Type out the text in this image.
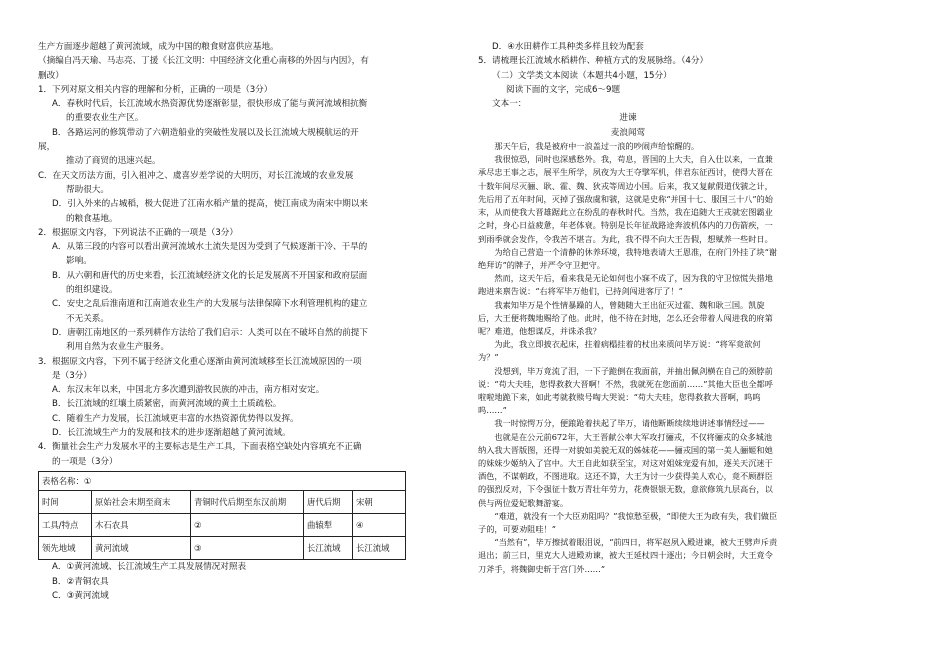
生产方面逐步超越了黄河流域，成为中国的粮食财富供应基地。

（摘编自冯天瑜、马志亮、丁援《长江文明：中国经济文化重心南移的外因与内因》，有

删改）

1．下列对原文相关内容的理解和分析，正确的一项是（3分）

A．春秋时代后，长江流域水热资源优势逐渐彰显，很快形成了能与黄河流域相抗衡

的重要农业生产区。

B．各路运河的修筑带动了六朝造船业的突破性发展以及长江流域大规模航运的开

展，

推动了商贸的迅速兴起。

C．在天文历法方面，引入祖冲之、虞喜岁差学说的大明历，对长江流域的农业发展

帮助很大。

D．引入外来的占城稻，极大促进了江南水稻产量的提高，使江南成为南宋中期以来

的粮食基地。

2．根据原文内容，下列说法不正确的一项是（3分）

A．从第三段的内容可以看出黄河流域水土流失是因为受到了气候逐渐干冷、干旱的

影响。

B．从六朝和唐代的历史来看，长江流域经济文化的长足发展离不开国家和政府层面

的组织建设。

C．安史之乱后淮南道和江南道农业生产的大发展与法律保障下水利管理机构的建立

不无关系。

D．唐朝江南地区的一系列耕作方法给了我们启示：人类可以在不破坏自然的前提下

利用自然为农业生产服务。

3．根据原文内容，下列不属于经济文化重心逐渐由黄河流域移至长江流域原因的一项

是（3分）

A．东汉末年以来，中国北方多次遭到游牧民族的冲击，南方相对安定。

B．长江流域的红壤土质紧密，而黄河流域的黄土土质疏松。

C．随着生产力发展，长江流域更丰富的水热资源优势得以发挥。

D．长江流域生产力的发展和技术的进步逐渐超越了黄河流域。

4．衡量社会生产力发展水平的主要标志是生产工具，下面表格空缺处内容填充不正确

的一项是（3分）

表格名称：①				
时间	原始社会末期至商末	青铜时代后期至东汉前期	唐代后期	宋朝
工具/特点	木石农具	②	曲辕犁	④
领先地域	黄河流域	③	长江流域	长江流域

A．①黄河流域、长江流域生产工具发展情况对照表

B．②青铜农具

C．③黄河流域

D．④水田耕作工具种类多样且较为配套

5．请梳理长江流域水稻耕作、种植方式的发展脉络。（4分）

（二）文学类文本阅读（本题共4小题，15分）

阅读下面的文字，完成6～9题

文本一：

进谏

麦浪闻莺

那天午后，我是被府中一浪盖过一浪的吵闹声给惊醒的。

我很惊恐，同时也深感愁外。我，苟息，晋国的上大夫，自入仕以来，一直兼承尽忠王事之志，展平生所学，夙夜为大王夺擘军机，伴君东征西讨，使得大晋在十数年间尽灭骊、耿、霍、魏、狄戎等周边小国。后来，我又复献假道伐虢之计，先后用了五年时间，灭掉了强敌虞和虢，这就是史称“并国十七、服国三十八”的始末，从而使我大晋雄踞此立在纷乱的春秋时代。当然，我在追随大王戎就宏图霸业之时，身心日益疲惫，年老体衰。特别是长年征战路途奔波机体内的刀伤箭疾，一到雨季就会发作，令我苦不堪言。为此，我不得不向大王告假，想赋养一些时日。

为给自己营造一个清静的休养环境，我特地表请大王恩准，在府门外挂了块“谢绝拜访”的牌子，并严令守卫把守。

然而，这天午后，看来我是无论如何也小寐不成了，因为我的守卫惊慌失措地跑进来禀告说：“右将军毕万他们，已持剑闯进客厅了！”

我素知毕万是个性情暴躁的人，曾随随大王出征灭过霍、魏和耿三国。凯旋后，大王便将魏地赐给了他。此时，他不待在封地，怎么还会带着人闯进我的府第呢？难道，他想谋反，并诛杀我？

为此，我立即披衣起床，拄着病榻挂着的杖出来质问毕万说：“将军竟欲何为？”

没想到，毕万竟流了泪，一下子跪倒在我面前，并抽出佩剑横在自己的颈脖前说：“苟大夫哇，您得救救大晋啊！不然，我就死在您面前……”其他大臣也全都呼啦啦地跪下来，如此考就救赎号啕大哭说：“苟大夫哇，您得救救大晋啊，呜呜呜……”

我一时惊愕万分，便踉跄着扶起了毕万，请他断断续续地讲述事情经过——

也就是在公元前672年，大王晋献公率大军攻打骊戎，不仅将骊戎的众多城池纳入我大晋版图，还得一对貌如美貌无双的姊妹花——骊戎国的第一美人骊姬和她的妹妹少姬纳入了宫中。大王自此如获至宝，对这对姐妹宠爱有加，逐关天沉迷于酒色，不谋朝政，不图进取。这还不算，大王为讨一少获得美人欢心，竟不顾群臣的强烈反对，下令强征十数万青壮年劳力，花费银银无数，意欲修筑九层高台，以供与两位爱妃歌舞游宴。

“难道，就没有一个大臣劝阻吗？”我惊愁至极，“即使大王为政有失，我们做臣子的，可要劝阻哇！”

“当然有”，毕万擦拭着眼泪说，“前四日，将军赵夙入殿进谏，被大王劈声斥责退出；前三日，里克大人进殿劝谏，被大王延杖四十逐出；今日朝会时，大王竟令刀斧手，将魏御史斩于宫门外……”
